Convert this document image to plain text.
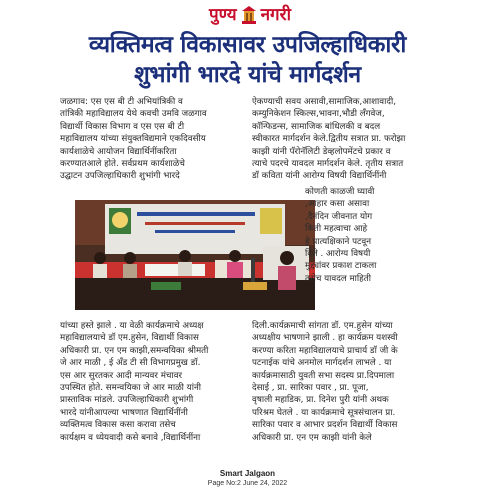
पुण्य नगरी
व्यक्तिमत्व विकासावर उपजिल्हाधिकारी
शुभांगी भारदे यांचे मार्गदर्शन

जळगाव: एस एस बी टी अभियांत्रिकी व

तांत्रिकी महाविद्यालय येथे कवची उमवि जळगाव

विद्यार्थी विकास विभाग व एस एस बी टी

महाविद्यालय यांच्या संयुक्तविद्यमाने एकदिवसीय

कार्यशाळेचे आयोजन विद्यार्थिनींकरिता

करण्यातआले होते. सर्वप्रथम कार्यशाळेचे

उद्घाटन उपजिल्हाधिकारी शुभांगी भारदे

ऐकण्याची सवय असावी,सामाजिक,आशावादी,

कम्युनिकेशन स्किल्स,भावना,भौडी लॅंगवेज,

कॉन्फिडन्स, सामाजिक बांधिलकी व बदल

स्वीकारत मार्गदर्शन केले.द्वितीय सत्रात प्रा. फरोझा

काझी यांनी पॅरोनॅलिटी डेव्हलोपमेंटचे प्रकार व

त्याचे पदरचे यावदल मार्गदर्शन केले. तृतीय सत्रात

डॉ कविता यांनी आरोग्य विषयी विद्यार्थिनींनी

कोणती काळजी घ्यावी

,आहार कसा असावा

,दैनंदिन जीवनात योग

किती महत्वाचा आहे

हे प्रात्यक्षिकाने पटवून

दिले . आरोग्य विषयी

मुद्द्यांवर प्रकाश टाकला

तसेच यावदल माहिती

यांच्या हस्ते झाले . या वेळी कार्यक्रमाचे अध्यक्ष

महाविद्यालयाचे डॉ एम.हुसेन, विद्यार्थी विकास

अधिकारी प्रा. एन एम काझी,समन्वयिका श्रीमती

जे आर माळी , ई अँड टी सी विभागप्रमुख डॉ.

एस आर सुरतकर आदी मान्यवर मंचावर

उपस्थित होते. समन्वयिका जे आर माळी यांनी

प्रास्ताविक मांडले. उपजिल्हाधिकारी शुभांगी

भारदे यांनीआपल्या भाषणात विद्यार्थिनींनी

व्यक्तिमत्व विकास कसा करावा तसेच

कार्यक्षम व ध्येयवादी कसे बनावे ,विद्यार्थिनींना

दिली.कार्यक्रमाची सांगता डॉ. एम.हुसेन यांच्या

अध्यक्षीय भाषणाने झाली . हा कार्यक्रम यशस्वी

करण्या करिता महाविद्यालयाचे प्राचार्य डॉ जी के

पटनाईक यांचे अनमोल मार्गदर्शन लाभले . या

कार्यक्रमासाठी युवती सभा सदस्य प्रा.दिपमाला

देसाई , प्रा. सारिका पवार , प्रा. पूजा,

वृषाली महाडिक, प्रा. दिनेश पुरी यांनी अथक

परिश्रम घेतले . या कार्यक्रमाचे सूत्रसंचालन प्रा.

सारिका पवार व आभार प्रदर्शन विद्यार्थी विकास

अधिकारी प्रा. एन एम काझी यांनी केले

Smart Jalgaon
Page No:2 June 24, 2022
